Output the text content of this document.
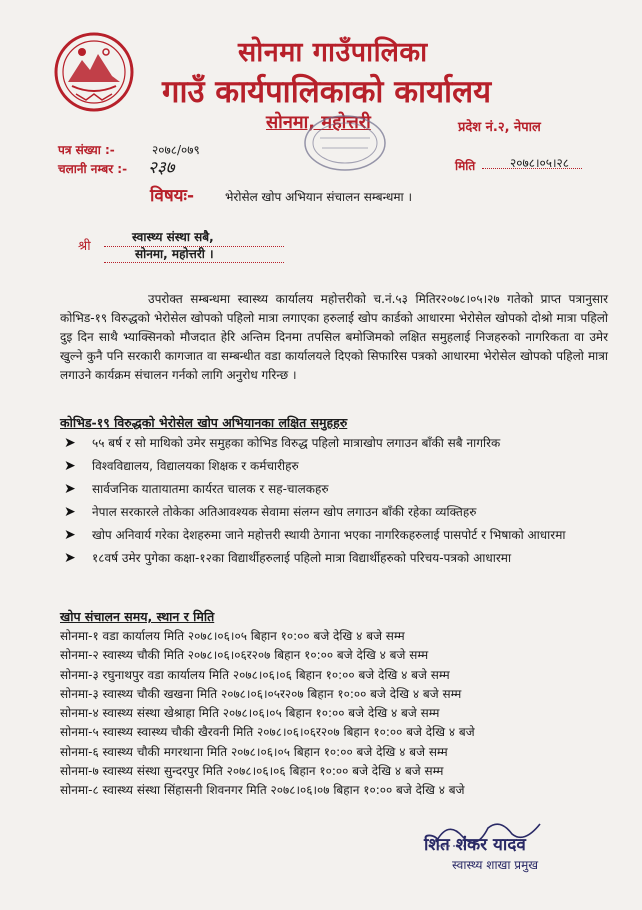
सोनमा गाउँपालिका
गाउँ कार्यपालिकाको कार्यालय
सोनमा, महोत्तरी	प्रदेश नं.२, नेपाल
पत्र संख्या :-	२०७८/०७९
चलानी नम्बर :- २३७	मिति	२०७८।०५।२८
विषयः-	भेरोसेल खोप अभियान संचालन सम्बन्धमा ।
श्री
स्वास्थ्य संस्था सबै,
सोनमा, महोत्तरी ।

उपरोक्त सम्बन्धमा स्वास्थ्य कार्यालय महोत्तरीको च.नं.५३ मितिर२०७८।०५।२७ गतेको प्राप्त पत्रानुसार कोभिड-१९ विरुद्धको भेरोसेल खोपको पहिलो मात्रा लगाएका हरुलाई खोप कार्डको आधारमा भेरोसेल खोपको दोश्रो मात्रा पहिलो दुइ दिन साथै भ्याक्सिनको मौजदात हेरि अन्तिम दिनमा तपसिल बमोजिमको लक्षित समुहलाई निजहरुको नागरिकता वा उमेर खुल्ने कुनै पनि सरकारी कागजात वा सम्बन्धीत वडा कार्यालयले दिएको सिफारिस पत्रको आधारमा भेरोसेल खोपको पहिलो मात्रा लगाउने कार्यक्रम संचालन गर्नको लागि अनुरोध गरिन्छ ।

कोभिड-१९ विरुद्धको भेरोसेल खोप अभियानका लक्षित समुहहरु
➤ ५५ बर्ष र सो माथिको उमेर समुहका कोभिड विरुद्ध पहिलो मात्राखोप लगाउन बाँकी सबै नागरिक
➤ विश्वविद्यालय, विद्यालयका शिक्षक र कर्मचारीहरु
➤ सार्वजनिक यातायातमा कार्यरत चालक र सह-चालकहरु
➤ नेपाल सरकारले तोकेका अतिआवश्यक सेवामा संलग्न खोप लगाउन बाँकी रहेका व्यक्तिहरु
➤ खोप अनिवार्य गरेका देशहरुमा जाने महोत्तरी स्थायी ठेगाना भएका नागरिकहरुलाई पासपोर्ट र भिषाको आधारमा
➤ १८वर्ष उमेर पुगेका कक्षा-१२का विद्यार्थीहरुलाई पहिलो मात्रा विद्यार्थीहरुको परिचय-पत्रको आधारमा
खोप संचालन समय, स्थान र मिति
सोनमा-१ वडा कार्यालय मिति २०७८।०६।०५ बिहान १०:०० बजे देखि ४ बजे सम्म
सोनमा-२ स्वास्थ्य चौकी मिति २०७८।०६।०६र२०७ बिहान १०:०० बजे देखि ४ बजे सम्म
सोनमा-३ रघुनाथपुर वडा कार्यालय मिति २०७८।०६।०६ बिहान १०:०० बजे देखि ४ बजे सम्म
सोनमा-३ स्वास्थ्य चौकी खखना मिति २०७८।०६।०५र२०७ बिहान १०:०० बजे देखि ४ बजे सम्म
सोनमा-४ स्वास्थ्य संस्था खेश्राहा मिति २०७८।०६।०५ बिहान १०:०० बजे देखि ४ बजे सम्म
सोनमा-५ स्वास्थ्य स्वास्थ्य चौकी खैरवनी मिति २०७८।०६।०६र२०७ बिहान १०:०० बजे देखि ४ बजे
सोनमा-६ स्वास्थ्य चौकी मगरथाना मिति २०७८।०६।०५ बिहान १०:०० बजे देखि ४ बजे सम्म
सोनमा-७ स्वास्थ्य संस्था सुन्दरपुर मिति २०७८।०६।०६ बिहान १०:०० बजे देखि ४ बजे सम्म
सोनमा-८ स्वास्थ्य संस्था सिंहासनी शिवनगर मिति २०७८।०६।०७ बिहान १०:०० बजे देखि ४ बजे
शित शंकर यादव
स्वास्थ्य शाखा प्रमुख
